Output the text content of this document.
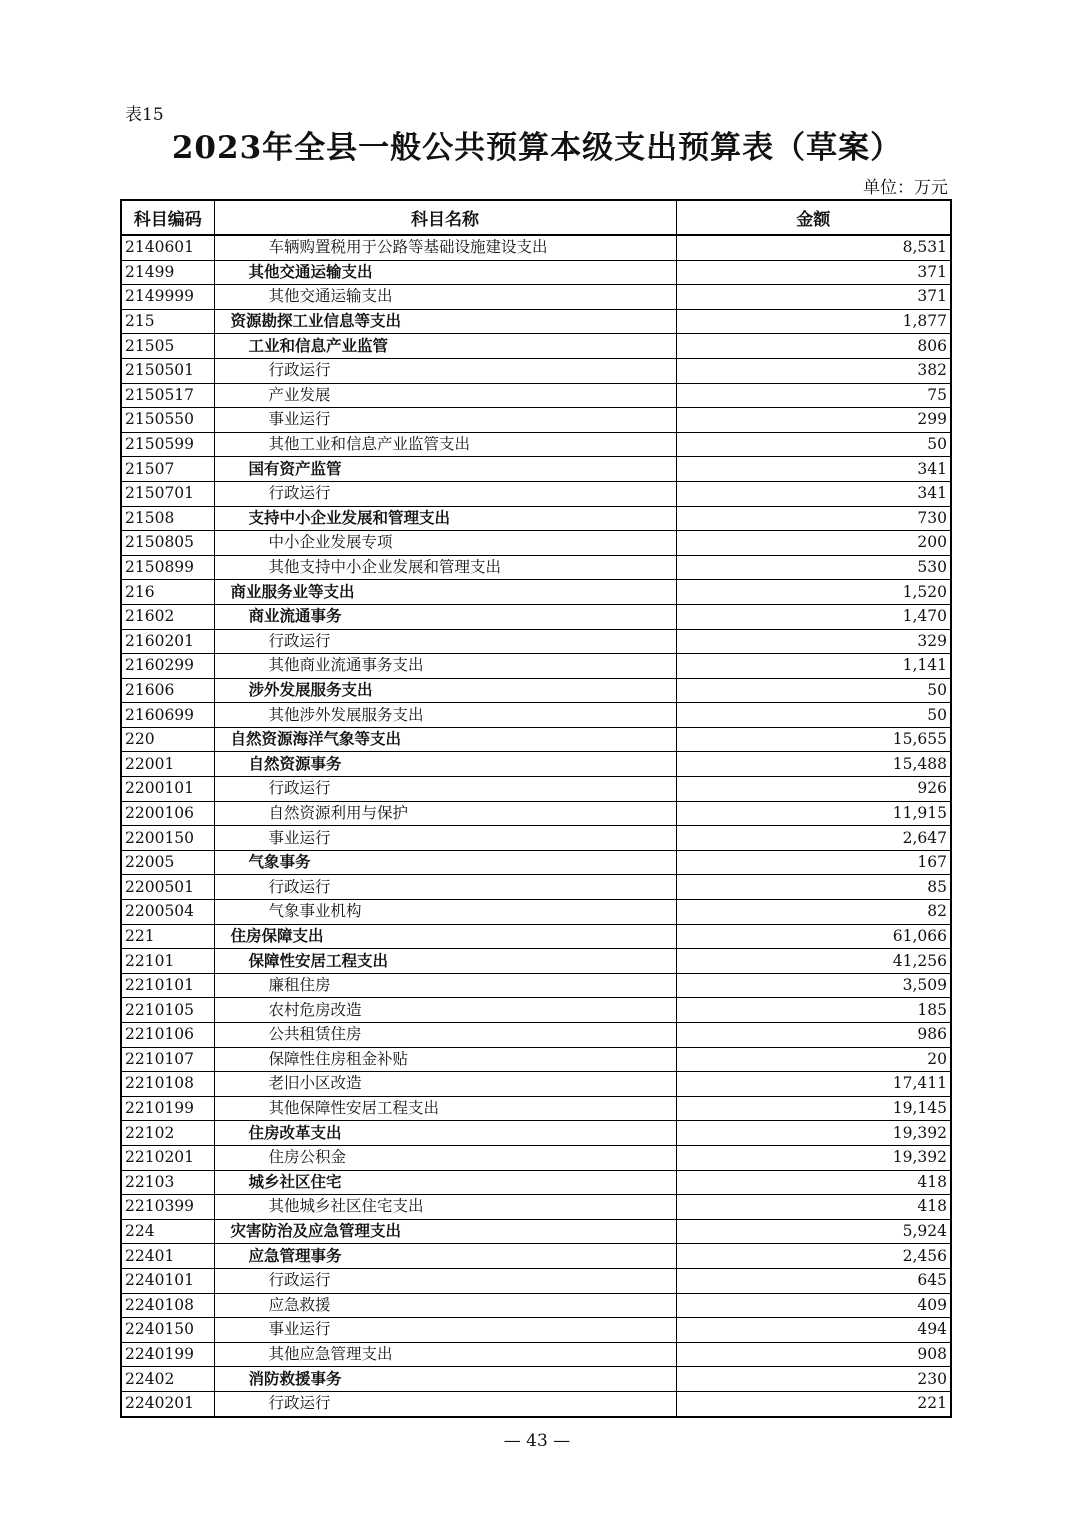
表15
2023年全县一般公共预算本级支出预算表（草案）
单位：万元
科目编码	科目名称	金额
2140601	车辆购置税用于公路等基础设施建设支出	8,531
21499	其他交通运输支出	371
2149999	其他交通运输支出	371
215	资源勘探工业信息等支出	1,877
21505	工业和信息产业监管	806
2150501	行政运行	382
2150517	产业发展	75
2150550	事业运行	299
2150599	其他工业和信息产业监管支出	50
21507	国有资产监管	341
2150701	行政运行	341
21508	支持中小企业发展和管理支出	730
2150805	中小企业发展专项	200
2150899	其他支持中小企业发展和管理支出	530
216	商业服务业等支出	1,520
21602	商业流通事务	1,470
2160201	行政运行	329
2160299	其他商业流通事务支出	1,141
21606	涉外发展服务支出	50
2160699	其他涉外发展服务支出	50
220	自然资源海洋气象等支出	15,655
22001	自然资源事务	15,488
2200101	行政运行	926
2200106	自然资源利用与保护	11,915
2200150	事业运行	2,647
22005	气象事务	167
2200501	行政运行	85
2200504	气象事业机构	82
221	住房保障支出	61,066
22101	保障性安居工程支出	41,256
2210101	廉租住房	3,509
2210105	农村危房改造	185
2210106	公共租赁住房	986
2210107	保障性住房租金补贴	20
2210108	老旧小区改造	17,411
2210199	其他保障性安居工程支出	19,145
22102	住房改革支出	19,392
2210201	住房公积金	19,392
22103	城乡社区住宅	418
2210399	其他城乡社区住宅支出	418
224	灾害防治及应急管理支出	5,924
22401	应急管理事务	2,456
2240101	行政运行	645
2240108	应急救援	409
2240150	事业运行	494
2240199	其他应急管理支出	908
22402	消防救援事务	230
2240201	行政运行	221
— 43 —
